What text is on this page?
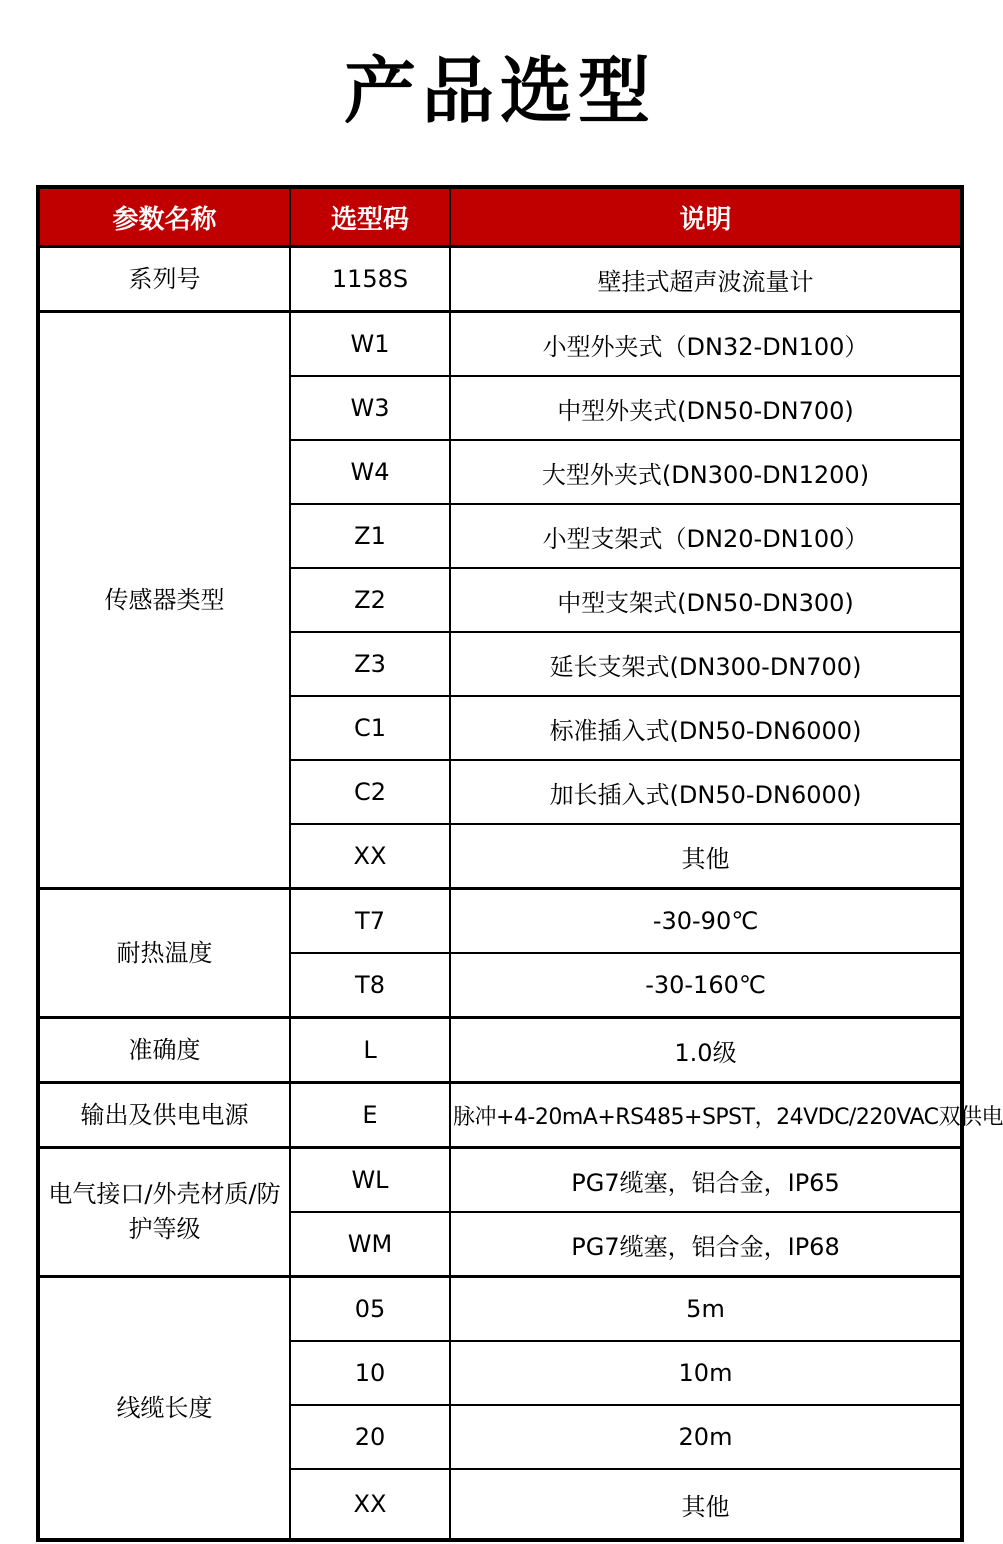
产品选型
参数名称	选型码	说明
系列号	1158S	壁挂式超声波流量计
传感器类型	W1	小型外夹式（DN32-DN100）
	W3	中型外夹式(DN50-DN700)
	W4	大型外夹式(DN300-DN1200)
	Z1	小型支架式（DN20-DN100）
	Z2	中型支架式(DN50-DN300)
	Z3	延长支架式(DN300-DN700)
	C1	标准插入式(DN50-DN6000)
	C2	加长插入式(DN50-DN6000)
	XX	其他
耐热温度	T7	-30-90℃
	T8	-30-160℃
准确度	L	1.0级
输出及供电电源	E	脉冲+4-20mA+RS485+SPST，24VDC/220VAC双供电
电气接口/外壳材质/防护等级	WL	PG7缆塞，铝合金，IP65
	WM	PG7缆塞，铝合金，IP68
线缆长度	05	5m
	10	10m
	20	20m
	XX	其他
